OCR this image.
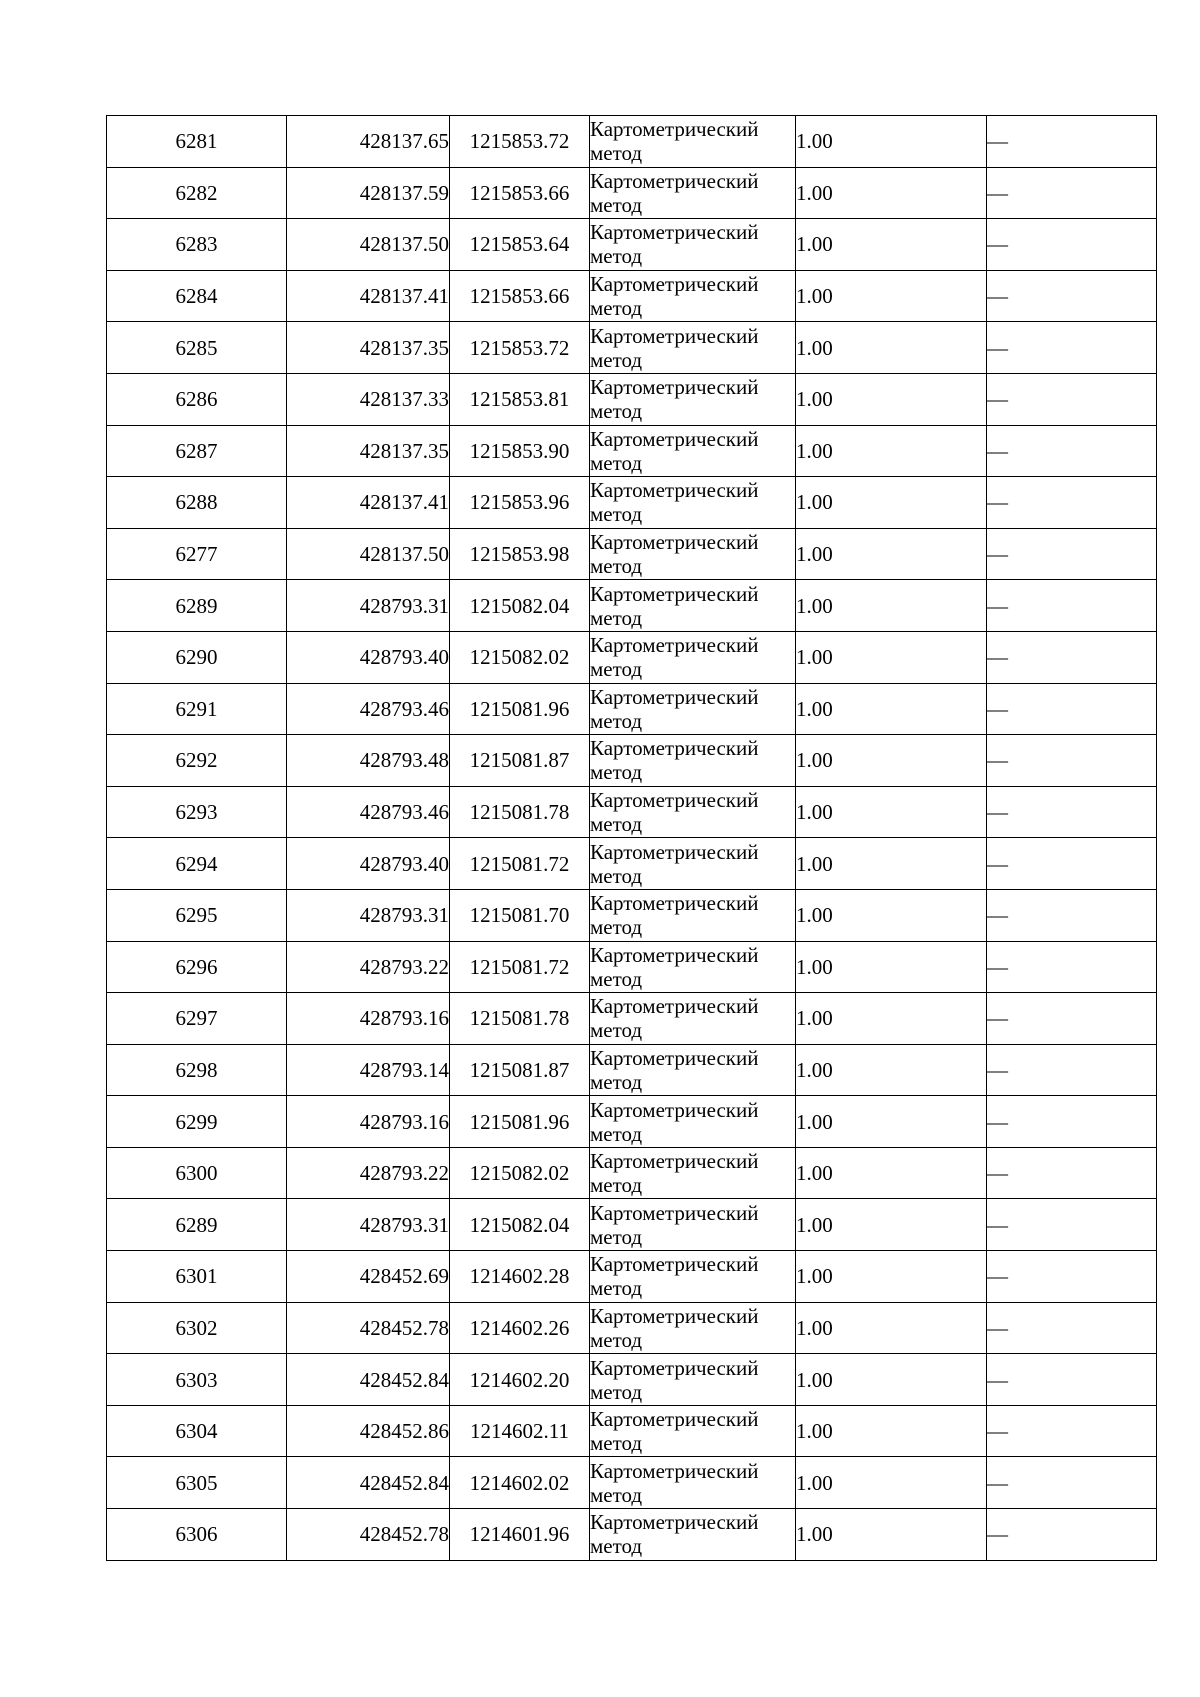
6281	428137.65	1215853.72	Картометрический
метод	1.00	—
6282	428137.59	1215853.66	Картометрический
метод	1.00	—
6283	428137.50	1215853.64	Картометрический
метод	1.00	—
6284	428137.41	1215853.66	Картометрический
метод	1.00	—
6285	428137.35	1215853.72	Картометрический
метод	1.00	—
6286	428137.33	1215853.81	Картометрический
метод	1.00	—
6287	428137.35	1215853.90	Картометрический
метод	1.00	—
6288	428137.41	1215853.96	Картометрический
метод	1.00	—
6277	428137.50	1215853.98	Картометрический
метод	1.00	—
6289	428793.31	1215082.04	Картометрический
метод	1.00	—
6290	428793.40	1215082.02	Картометрический
метод	1.00	—
6291	428793.46	1215081.96	Картометрический
метод	1.00	—
6292	428793.48	1215081.87	Картометрический
метод	1.00	—
6293	428793.46	1215081.78	Картометрический
метод	1.00	—
6294	428793.40	1215081.72	Картометрический
метод	1.00	—
6295	428793.31	1215081.70	Картометрический
метод	1.00	—
6296	428793.22	1215081.72	Картометрический
метод	1.00	—
6297	428793.16	1215081.78	Картометрический
метод	1.00	—
6298	428793.14	1215081.87	Картометрический
метод	1.00	—
6299	428793.16	1215081.96	Картометрический
метод	1.00	—
6300	428793.22	1215082.02	Картометрический
метод	1.00	—
6289	428793.31	1215082.04	Картометрический
метод	1.00	—
6301	428452.69	1214602.28	Картометрический
метод	1.00	—
6302	428452.78	1214602.26	Картометрический
метод	1.00	—
6303	428452.84	1214602.20	Картометрический
метод	1.00	—
6304	428452.86	1214602.11	Картометрический
метод	1.00	—
6305	428452.84	1214602.02	Картометрический
метод	1.00	—
6306	428452.78	1214601.96	Картометрический
метод	1.00	—
